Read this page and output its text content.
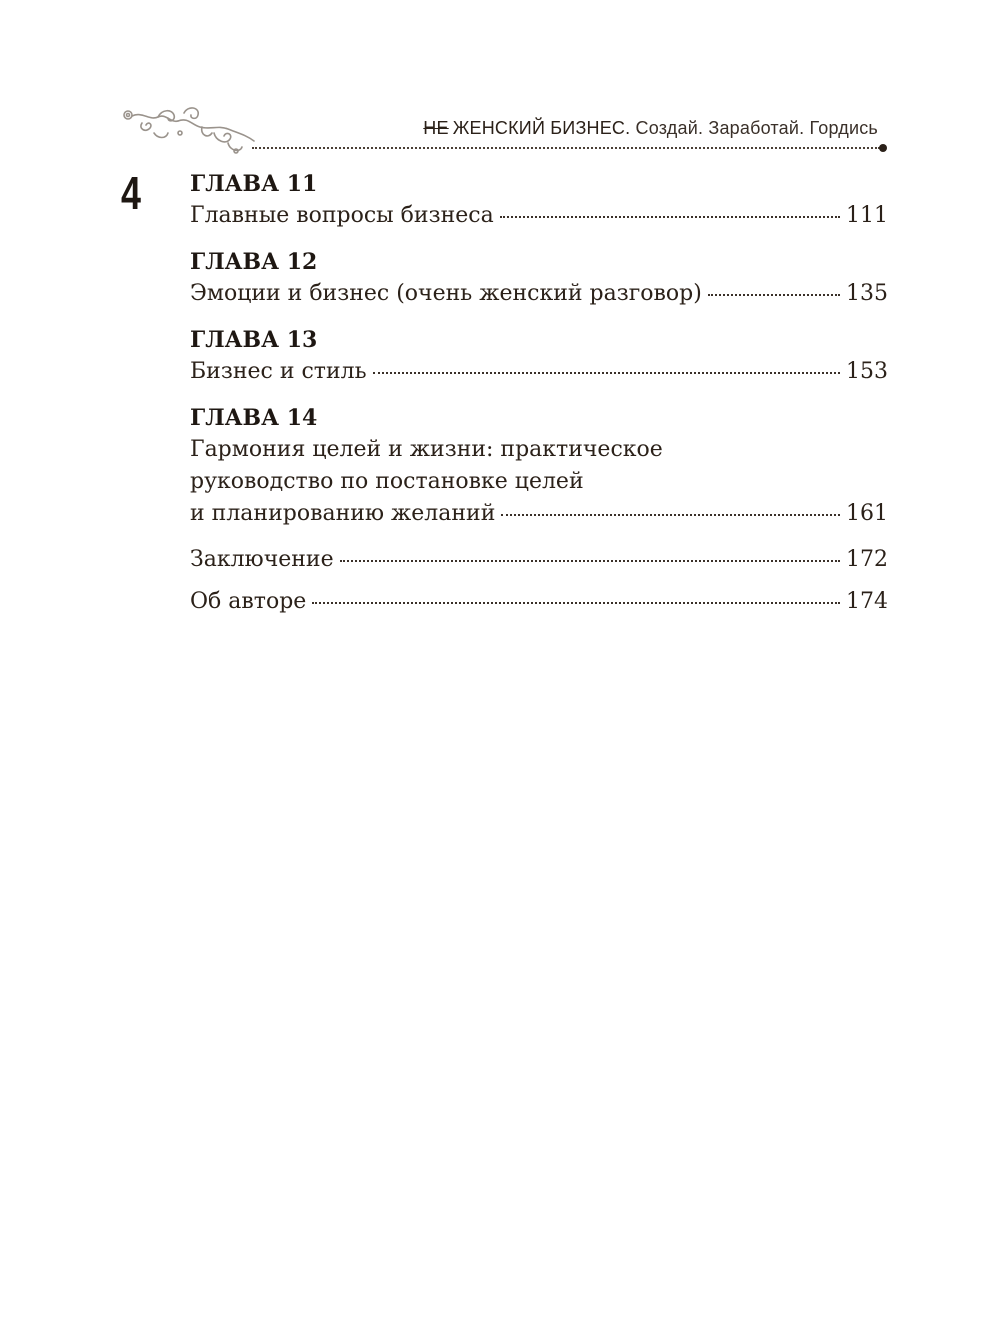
НЕ ЖЕНСКИЙ БИЗНЕС. Создай. Заработай. Гордись
4 ГЛАВА 11
Главные вопросы бизнеса	111
ГЛАВА 12
Эмоции и бизнес (очень женский разговор)	135
ГЛАВА 13
Бизнес и стиль	153
ГЛАВА 14
Гармония целей и жизни: практическое
руководство по постановке целей
и планированию желаний	161
Заключение	172
Об авторе	174
